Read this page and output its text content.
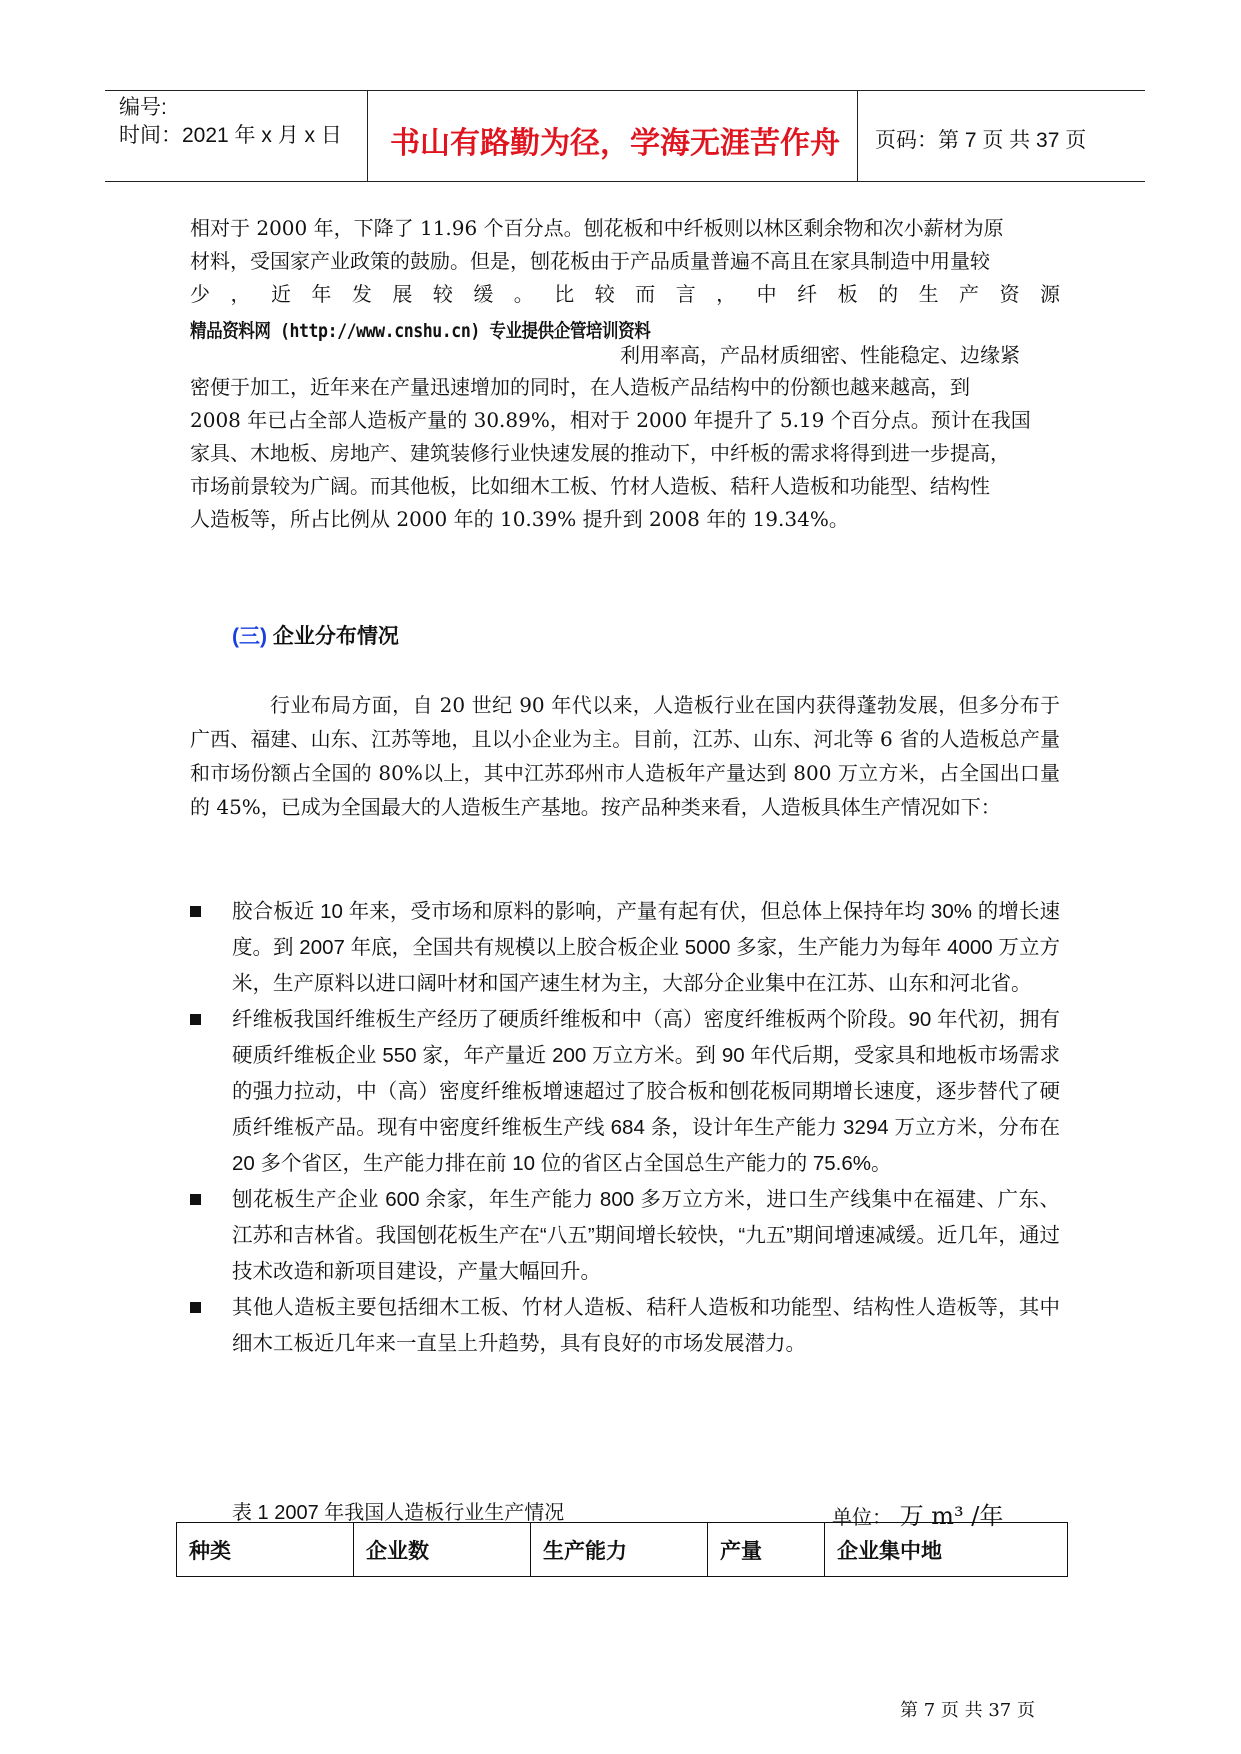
编号:
时间：2021 年 x 月 x 日	书山有路勤为径，学海无涯苦作舟	页码：第 7 页 共 37 页

相对于 2000 年，下降了 11.96 个百分点。刨花板和中纤板则以林区剩余物和次小薪材为原

材料，受国家产业政策的鼓励。但是，刨花板由于产品质量普遍不高且在家具制造中用量较

少 ， 近 年 发 展 较 缓 。 比 较 而 言 ， 中 纤 板 的 生 产 资 源

精品资料网 (http://www.cnshu.cn) 专业提供企管培训资料
利用率高，产品材质细密、性能稳定、边缘紧

密便于加工，近年来在产量迅速增加的同时，在人造板产品结构中的份额也越来越高，到

2008 年已占全部人造板产量的 30.89%，相对于 2000 年提升了 5.19 个百分点。预计在我国

家具、木地板、房地产、建筑装修行业快速发展的推动下，中纤板的需求将得到进一步提高，

市场前景较为广阔。而其他板，比如细木工板、竹材人造板、秸秆人造板和功能型、结构性

人造板等，所占比例从 2000 年的 10.39% 提升到 2008 年的 19.34%。

(三) 企业分布情况

行业布局方面，自 20 世纪 90 年代以来，人造板行业在国内获得蓬勃发展，但多分布于广西、福建、山东、江苏等地，且以小企业为主。目前，江苏、山东、河北等 6 省的人造板总产量和市场份额占全国的 80%以上，其中江苏邳州市人造板年产量达到 800 万立方米，占全国出口量的 45%，已成为全国最大的人造板生产基地。按产品种类来看，人造板具体生产情况如下：

胶合板近 10 年来，受市场和原料的影响，产量有起有伏，但总体上保持年均 30% 的增长速度。到 2007 年底，全国共有规模以上胶合板企业 5000 多家，生产能力为每年 4000 万立方米，生产原料以进口阔叶材和国产速生材为主，大部分企业集中在江苏、山东和河北省。
纤维板我国纤维板生产经历了硬质纤维板和中（高）密度纤维板两个阶段。90 年代初，拥有硬质纤维板企业 550 家，年产量近 200 万立方米。到 90 年代后期，受家具和地板市场需求的强力拉动，中（高）密度纤维板增速超过了胶合板和刨花板同期增长速度，逐步替代了硬质纤维板产品。现有中密度纤维板生产线 684 条，设计年生产能力 3294 万立方米，分布在 20 多个省区，生产能力排在前 10 位的省区占全国总生产能力的 75.6%。
刨花板生产企业 600 余家，年生产能力 800 多万立方米，进口生产线集中在福建、广东、江苏和吉林省。我国刨花板生产在“八五”期间增长较快，“九五”期间增速减缓。近几年，通过技术改造和新项目建设，产量大幅回升。
其他人造板主要包括细木工板、竹材人造板、秸秆人造板和功能型、结构性人造板等，其中细木工板近几年来一直呈上升趋势，具有良好的市场发展潜力。
表 1 2007 年我国人造板行业生产情况	单位： 万 m³ /年
种类	企业数	生产能力	产量	企业集中地
第 7 页 共 37 页
